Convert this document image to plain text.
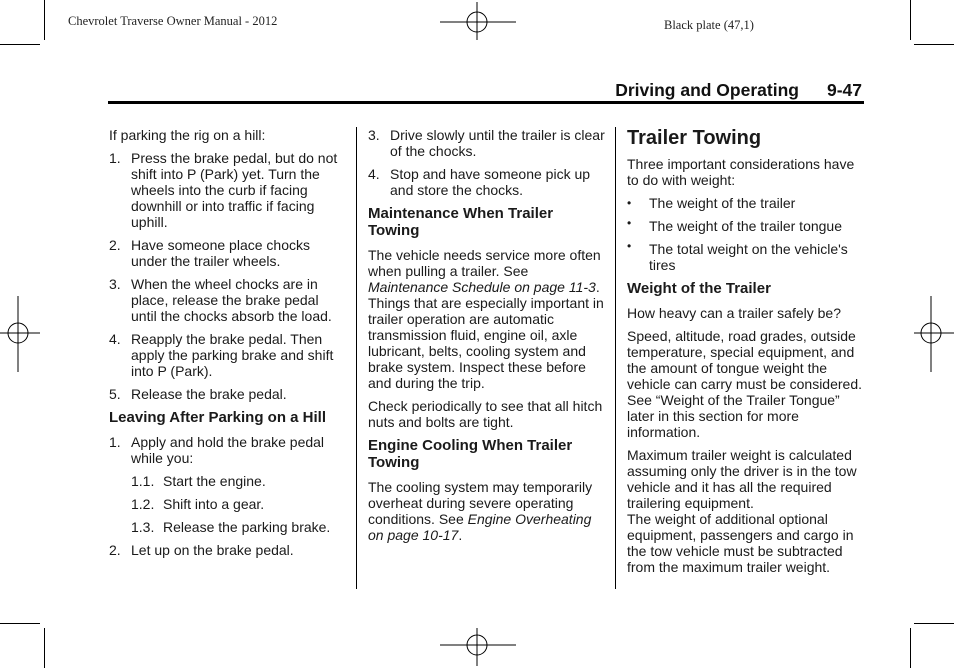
Chevrolet Traverse Owner Manual - 2012	Black plate (47,1)
Driving and Operating 9-47

If parking the rig on a hill:

1. Press the brake pedal, but do not shift into P (Park) yet. Turn the wheels into the curb if facing downhill or into traffic if facing uphill.
2. Have someone place chocks under the trailer wheels.
3. When the wheel chocks are in place, release the brake pedal until the chocks absorb the load.
4. Reapply the brake pedal. Then apply the parking brake and shift into P (Park).
5. Release the brake pedal.
Leaving After Parking on a Hill
1. Apply and hold the brake pedal while you:
1.1. Start the engine.
1.2. Shift into a gear.
1.3. Release the parking brake.
2. Let up on the brake pedal.
3. Drive slowly until the trailer is clear of the chocks.
4. Stop and have someone pick up and store the chocks.
Maintenance When Trailer Towing

The vehicle needs service more often when pulling a trailer. See Maintenance Schedule on page 11-3. Things that are especially important in trailer operation are automatic transmission fluid, engine oil, axle lubricant, belts, cooling system and brake system. Inspect these before and during the trip.

Check periodically to see that all hitch nuts and bolts are tight.

Engine Cooling When Trailer Towing

The cooling system may temporarily overheat during severe operating conditions. See Engine Overheating on page 10-17.

Trailer Towing

Three important considerations have to do with weight:

• The weight of the trailer
• The weight of the trailer tongue
• The total weight on the vehicle's tires
Weight of the Trailer

How heavy can a trailer safely be?

Speed, altitude, road grades, outside temperature, special equipment, and the amount of tongue weight the vehicle can carry must be considered. See “Weight of the Trailer Tongue” later in this section for more information.

Maximum trailer weight is calculated assuming only the driver is in the tow vehicle and it has all the required trailering equipment.
The weight of additional optional equipment, passengers and cargo in the tow vehicle must be subtracted from the maximum trailer weight.
